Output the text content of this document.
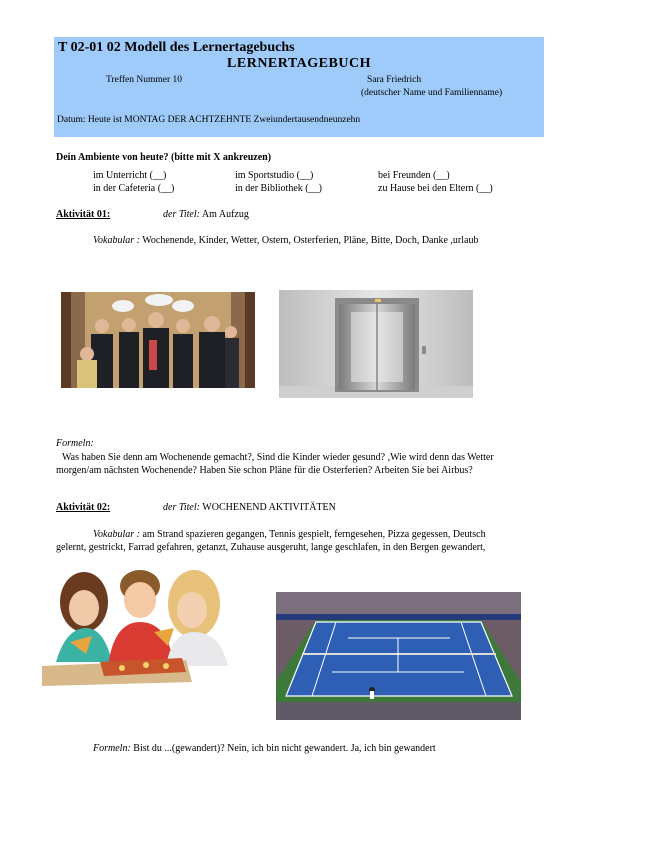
T 02-01 02 Modell des Lernertagebuchs
LERNERTAGEBUCH
Treffen Nummer 10	Sara Friedrich
(deutscher Name und Familienname)
Datum: Heute ist MONTAG DER ACHTZEHNTE Zweiundertausendneunzehn
Dein Ambiente von heute? (bitte mit X ankreuzen)
im Unterricht (__)	im Sportstudio (__)	bei Freunden (__)
in der Cafeteria (__)	in der Bibliothek (__)	zu Hause bei den Eltern (__)
Aktivität 01:	der Titel: Am Aufzug
Vokabular : Wochenende, Kinder, Wetter, Ostern, Osterferien, Pläne, Bitte, Doch, Danke ,urlaub
Formeln:
Was haben Sie denn am Wochenende gemacht?, Sind die Kinder wieder gesund? ,Wie wird denn das Wetter
morgen/am nächsten Wochenende? Haben Sie schon Pläne für die Osterferien? Arbeiten Sie bei Airbus?
Aktivität 02:	der Titel: WOCHENEND AKTIVITÄTEN
Vokabular : am Strand spazieren gegangen, Tennis gespielt, ferngesehen, Pizza gegessen, Deutsch
gelernt, gestrickt, Farrad gefahren, getanzt, Zuhause ausgeruht, lange geschlafen, in den Bergen gewandert,
Formeln: Bist du ...(gewandert)? Nein, ich bin nicht gewandert. Ja, ich bin gewandert
